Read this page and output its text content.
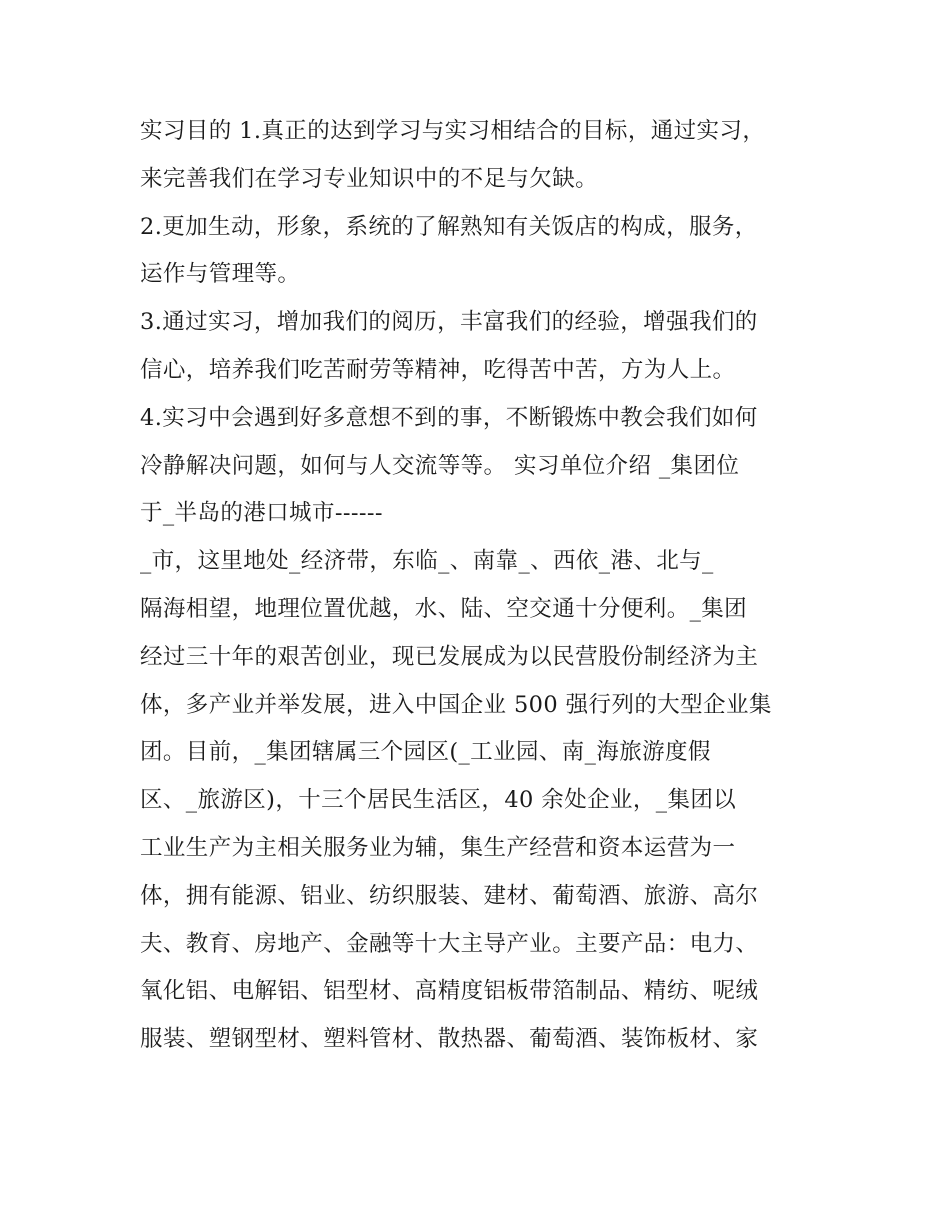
实习目的 1.真正的达到学习与实习相结合的目标，通过实习，
来完善我们在学习专业知识中的不足与欠缺。
2.更加生动，形象，系统的了解熟知有关饭店的构成，服务，
运作与管理等。
3.通过实习，增加我们的阅历，丰富我们的经验，增强我们的
信心，培养我们吃苦耐劳等精神，吃得苦中苦，方为人上。
4.实习中会遇到好多意想不到的事，不断锻炼中教会我们如何
冷静解决问题，如何与人交流等等。 实习单位介绍 _集团位
于_半岛的港口城市------
_市，这里地处_经济带，东临_、南靠_、西依_港、北与_
隔海相望，地理位置优越，水、陆、空交通十分便利。_集团
经过三十年的艰苦创业，现已发展成为以民营股份制经济为主
体，多产业并举发展，进入中国企业 500 强行列的大型企业集
团。目前，_集团辖属三个园区(_工业园、南_海旅游度假
区、_旅游区)，十三个居民生活区，40 余处企业，_集团以
工业生产为主相关服务业为辅，集生产经营和资本运营为一
体，拥有能源、铝业、纺织服装、建材、葡萄酒、旅游、高尔
夫、教育、房地产、金融等十大主导产业。主要产品：电力、
氧化铝、电解铝、铝型材、高精度铝板带箔制品、精纺、呢绒
服装、塑钢型材、塑料管材、散热器、葡萄酒、装饰板材、家
